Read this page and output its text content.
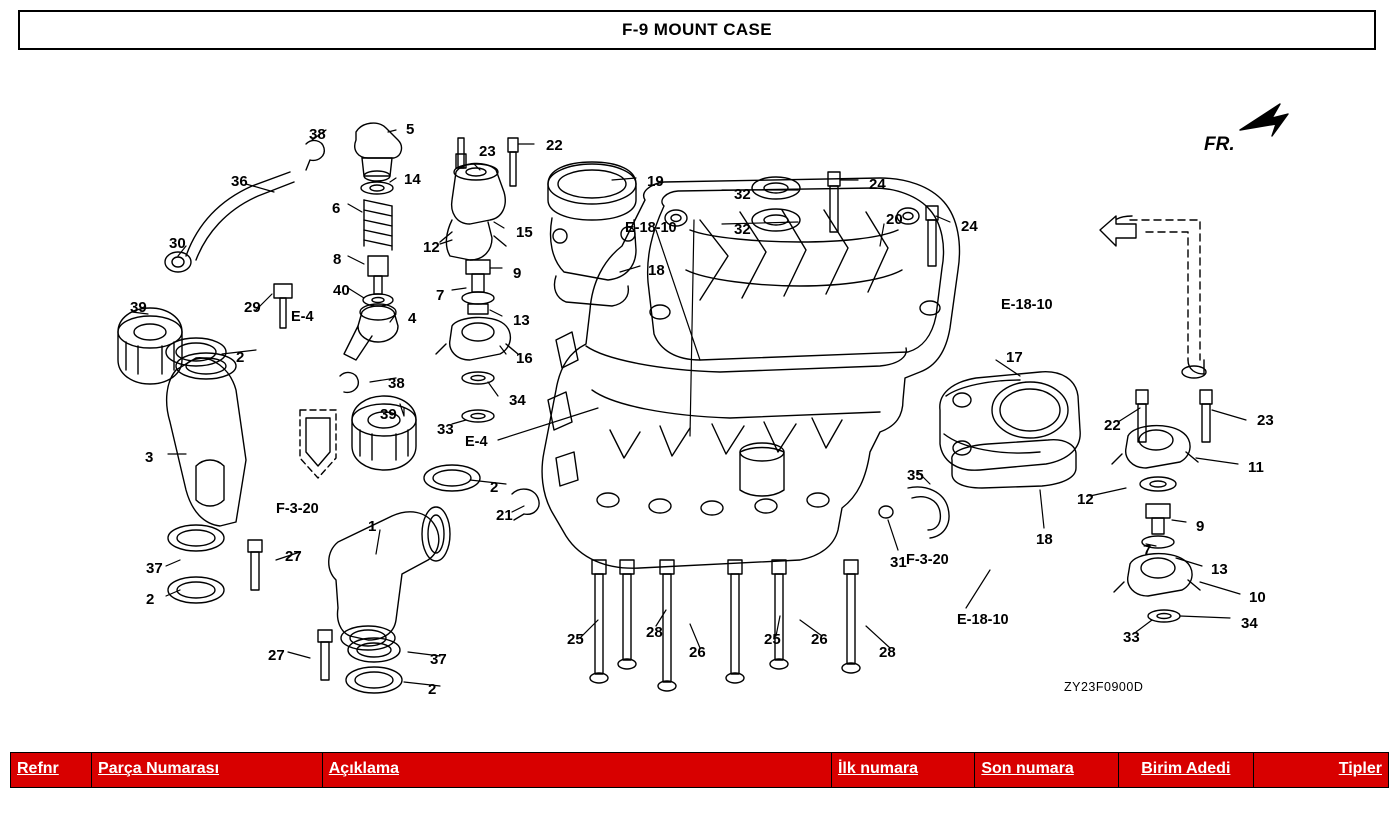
F-9 MOUNT CASE
5
38
23	22
19
36	14
32
24
6
15	32
20	24
30	12
8
9	18
40	7
39	29
4	13
2	16	17
38
34
22	23
39
33
3
11
2
35
12
21
18
9
1
7
37
27	31	13
2	10
25	28
26
25 26
28
33
34
27	37
2
E-18-10
E-18-10
E-4
E-4
F-3-20
F-3-20
E-18-10
FR.
ZY23F0900D
Refnr	Parça Numarası	Açıklama	İlk numara	Son numara	Birim Adedi	Tipler
